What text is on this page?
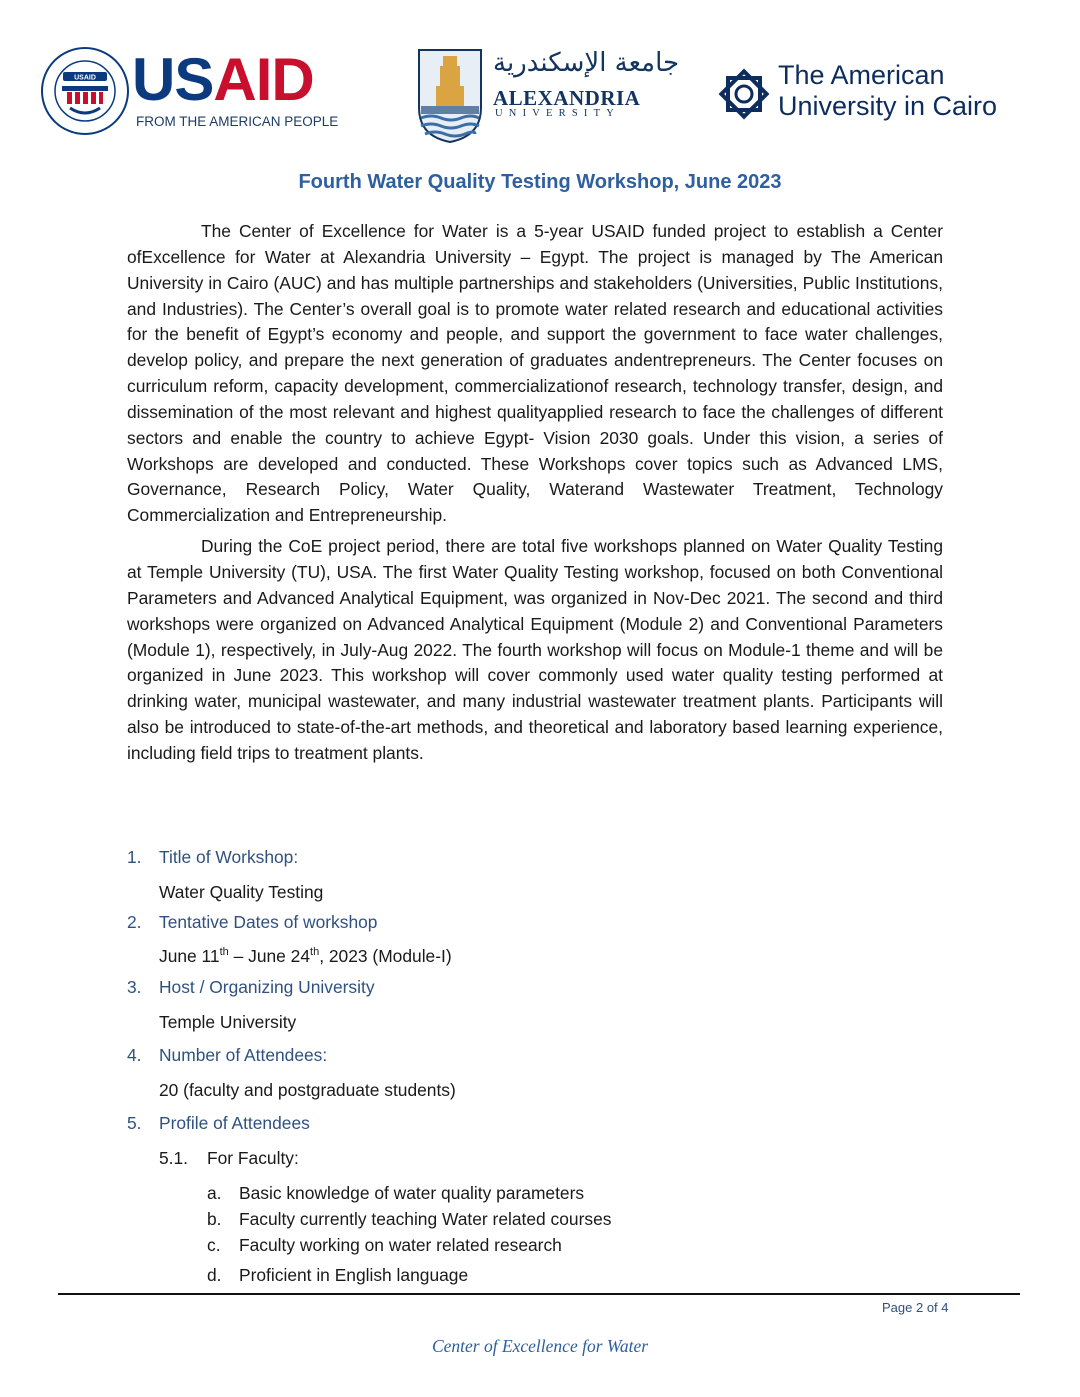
USAID USAID
FROM THE AMERICAN PEOPLE
جامعة الإسكندرية
ALEXANDRIA
UNIVERSITY
The American
University in Cairo
Fourth Water Quality Testing Workshop, June 2023

The Center of Excellence for Water is a 5-year USAID funded project to establish a Center ofExcellence for Water at Alexandria University – Egypt. The project is managed by The American University in Cairo (AUC) and has multiple partnerships and stakeholders (Universities, Public Institutions, and Industries). The Center’s overall goal is to promote water related research and educational activities for the benefit of Egypt’s economy and people, and support the government to face water challenges, develop policy, and prepare the next generation of graduates andentrepreneurs. The Center focuses on curriculum reform, capacity development, commercializationof research, technology transfer, design, and dissemination of the most relevant and highest qualityapplied research to face the challenges of different sectors and enable the country to achieve Egypt- Vision 2030 goals. Under this vision, a series of Workshops are developed and conducted. These Workshops cover topics such as Advanced LMS, Governance, Research Policy, Water Quality, Waterand Wastewater Treatment, Technology Commercialization and Entrepreneurship.

During the CoE project period, there are total five workshops planned on Water Quality Testing at Temple University (TU), USA. The first Water Quality Testing workshop, focused on both Conventional Parameters and Advanced Analytical Equipment, was organized in Nov-Dec 2021. The second and third workshops were organized on Advanced Analytical Equipment (Module 2) and Conventional Parameters (Module 1), respectively, in July-Aug 2022. The fourth workshop will focus on Module-1 theme and will be organized in June 2023. This workshop will cover commonly used water quality testing performed at drinking water, municipal wastewater, and many industrial wastewater treatment plants. Participants will also be introduced to state-of-the-art methods, and theoretical and laboratory based learning experience, including field trips to treatment plants.

1. Title of Workshop:
Water Quality Testing
2. Tentative Dates of workshop
June 11th – June 24th, 2023 (Module-I)
3. Host / Organizing University
Temple University
4. Number of Attendees:
20 (faculty and postgraduate students)
5. Profile of Attendees
5.1. For Faculty:
a. Basic knowledge of water quality parameters
b. Faculty currently teaching Water related courses
c. Faculty working on water related research
d. Proficient in English language
Page 2 of 4
Center of Excellence for Water
